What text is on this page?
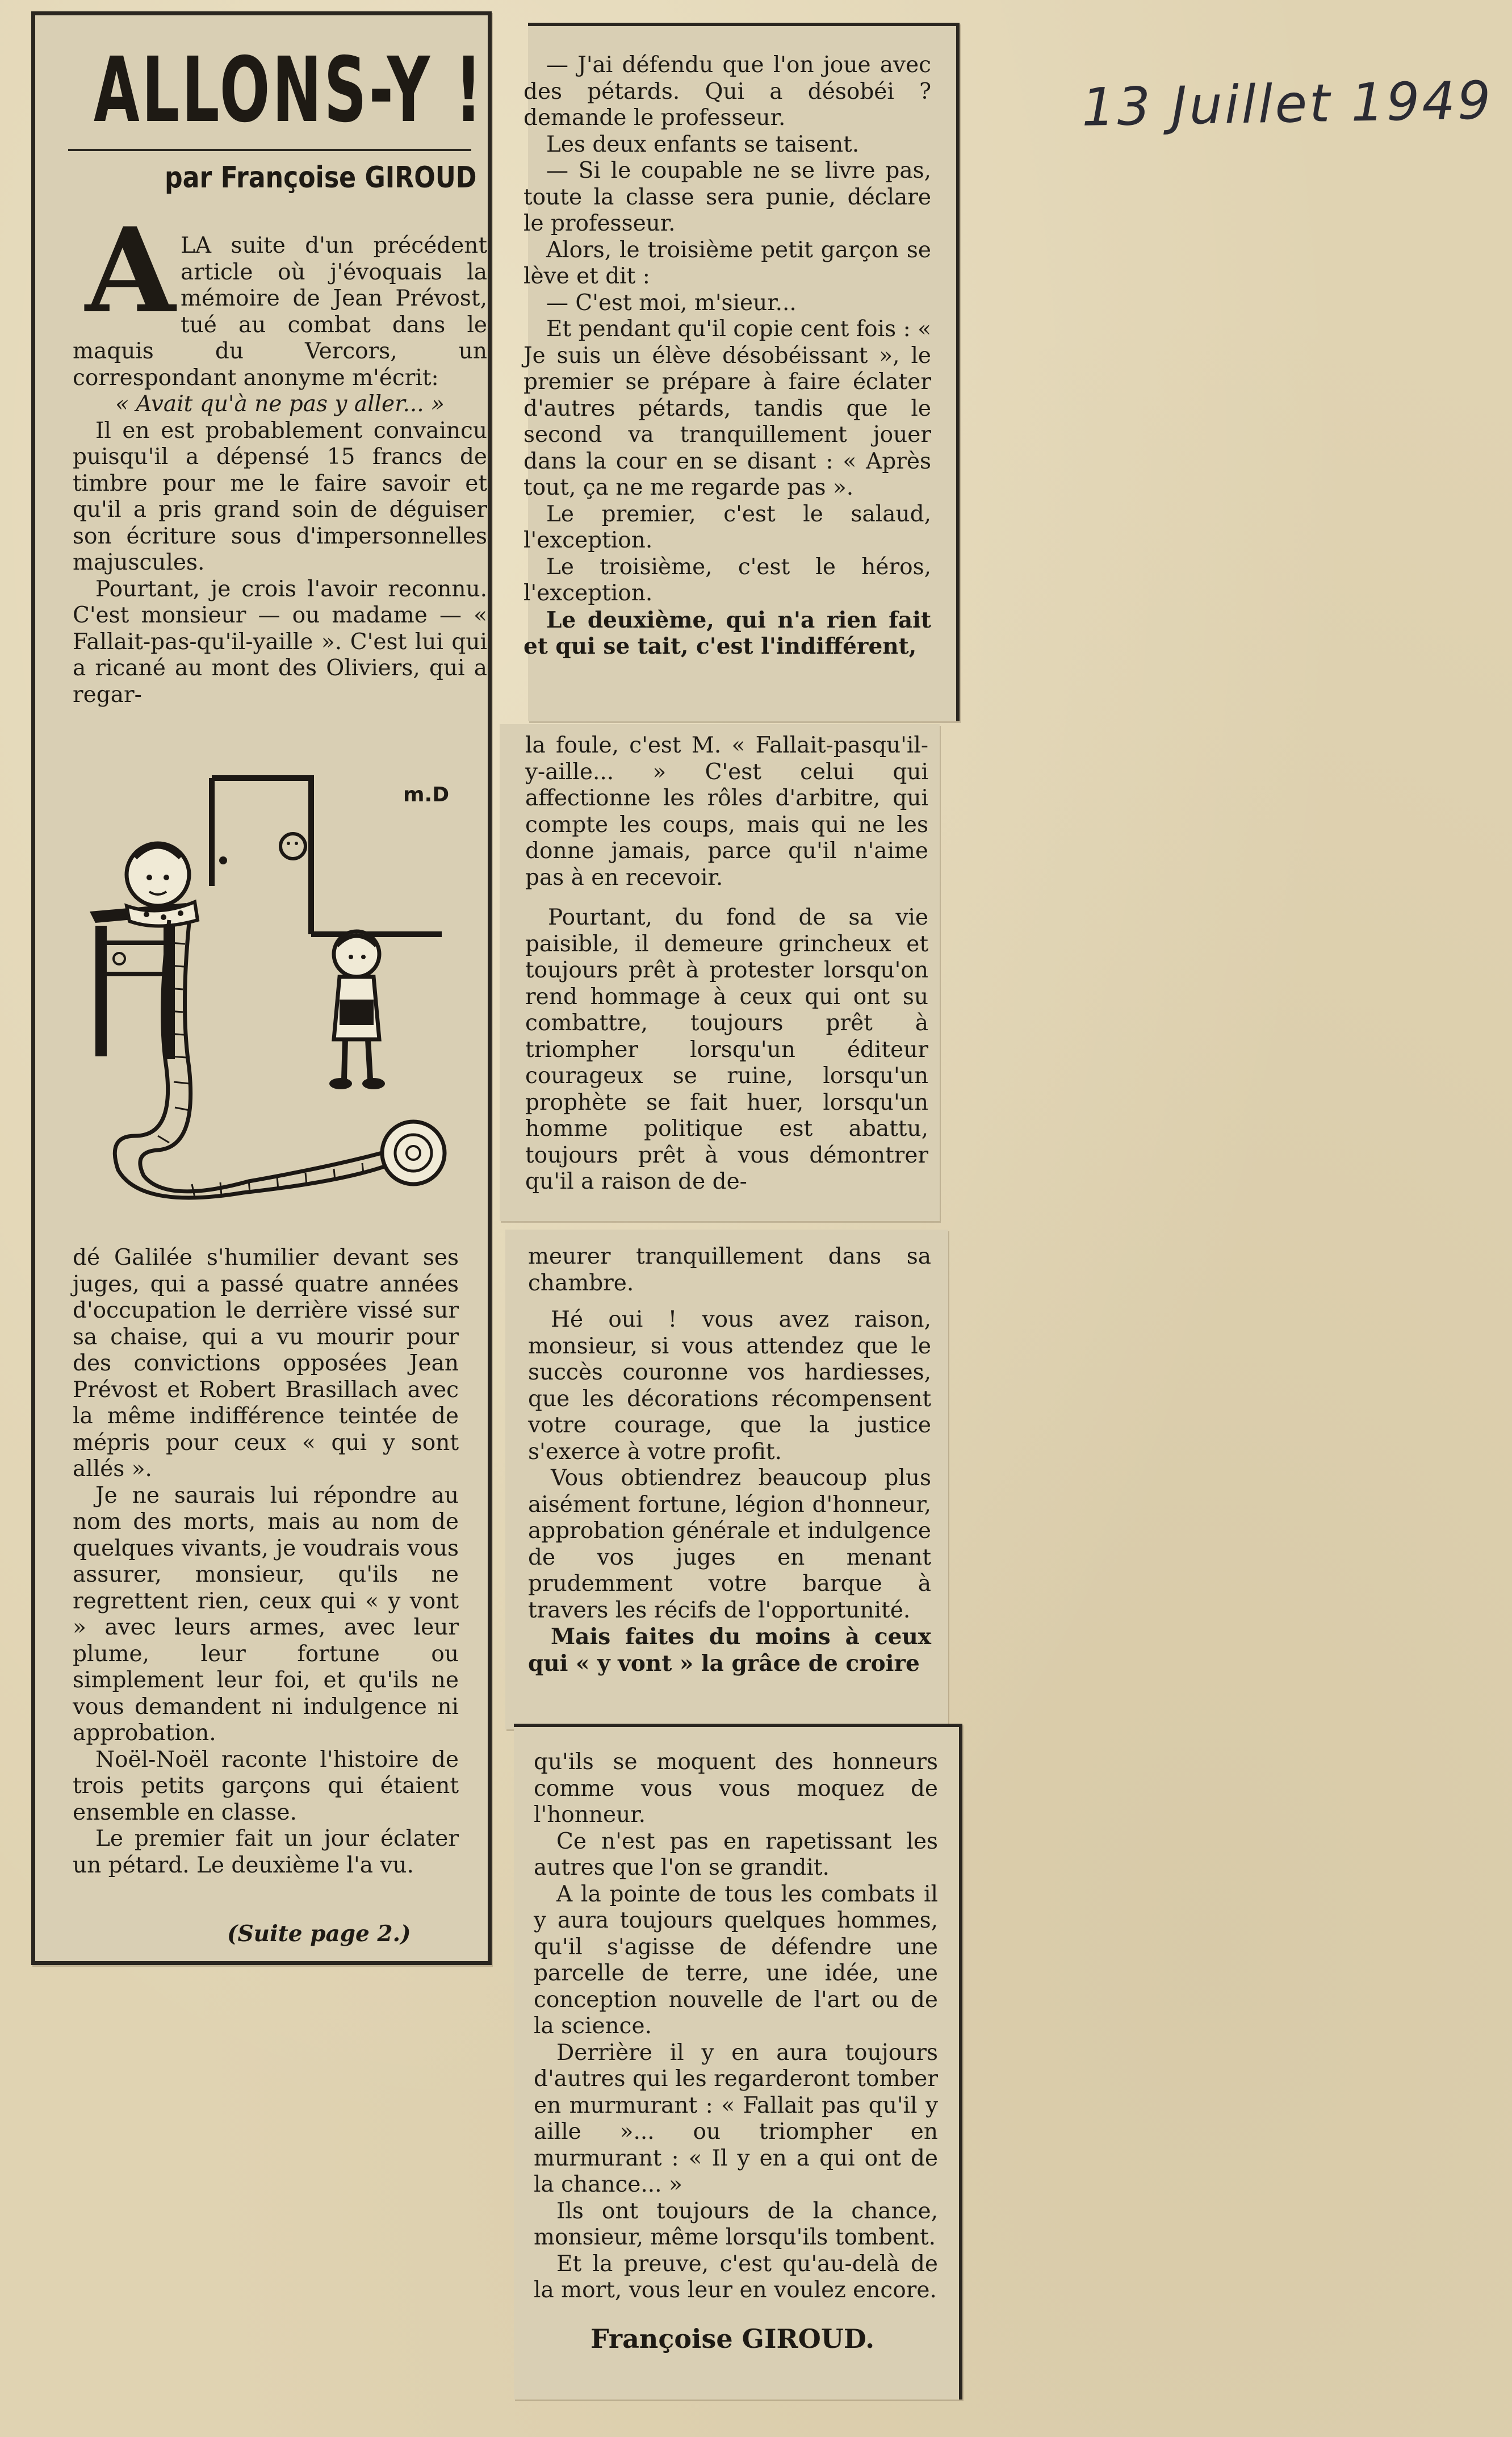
13 Juillet 1949
ALLONS-Y !
par Françoise GIROUD
A LA suite d'un précédent article où j'évoquais la mémoire de Jean Prévost, tué au combat dans le maquis du Vercors, un correspondant anonyme m'écrit:

« Avait qu'à ne pas y aller... »

Il en est probablement convaincu puisqu'il a dépensé 15 francs de timbre pour me le faire savoir et qu'il a pris grand soin de déguiser son écriture sous d'impersonnelles majuscules.

Pourtant, je crois l'avoir reconnu. C'est monsieur — ou madame — « Fallait-pas-qu'il-yaille ». C'est lui qui a ricané au mont des Oliviers, qui a regar-

m.D

dé Galilée s'humilier devant ses juges, qui a passé quatre années d'occupation le derrière vissé sur sa chaise, qui a vu mourir pour des convictions opposées Jean Prévost et Robert Brasillach avec la même indifférence teintée de mépris pour ceux « qui y sont allés ».

Je ne saurais lui répondre au nom des morts, mais au nom de quelques vivants, je voudrais vous assurer, monsieur, qu'ils ne regrettent rien, ceux qui « y vont » avec leurs armes, avec leur plume, leur fortune ou simplement leur foi, et qu'ils ne vous demandent ni indulgence ni approbation.

Noël-Noël raconte l'histoire de trois petits garçons qui étaient ensemble en classe.

Le premier fait un jour éclater un pétard. Le deuxième l'a vu.

(Suite page 2.)

— J'ai défendu que l'on joue avec des pétards. Qui a désobéi ? demande le professeur.

Les deux enfants se taisent.

— Si le coupable ne se livre pas, toute la classe sera punie, déclare le professeur.

Alors, le troisième petit garçon se lève et dit :

— C'est moi, m'sieur...

Et pendant qu'il copie cent fois : « Je suis un élève désobéissant », le premier se prépare à faire éclater d'autres pétards, tandis que le second va tranquillement jouer dans la cour en se disant : « Après tout, ça ne me regarde pas ».

Le premier, c'est le salaud, l'exception.

Le troisième, c'est le héros, l'exception.

Le deuxième, qui n'a rien fait et qui se tait, c'est l'indifférent,

la foule, c'est M. « Fallait-pasqu'il-y-aille... » C'est celui qui affectionne les rôles d'arbitre, qui compte les coups, mais qui ne les donne jamais, parce qu'il n'aime pas à en recevoir.

Pourtant, du fond de sa vie paisible, il demeure grincheux et toujours prêt à protester lorsqu'on rend hommage à ceux qui ont su combattre, toujours prêt à triompher lorsqu'un éditeur courageux se ruine, lorsqu'un prophète se fait huer, lorsqu'un homme politique est abattu, toujours prêt à vous démontrer qu'il a raison de de-

meurer tranquillement dans sa chambre.

Hé oui ! vous avez raison, monsieur, si vous attendez que le succès couronne vos hardiesses, que les décorations récompensent votre courage, que la justice s'exerce à votre profit.

Vous obtiendrez beaucoup plus aisément fortune, légion d'honneur, approbation générale et indulgence de vos juges en menant prudemment votre barque à travers les récifs de l'opportunité.

Mais faites du moins à ceux qui « y vont » la grâce de croire

qu'ils se moquent des honneurs comme vous vous moquez de l'honneur.

Ce n'est pas en rapetissant les autres que l'on se grandit.

A la pointe de tous les combats il y aura toujours quelques hommes, qu'il s'agisse de défendre une parcelle de terre, une idée, une conception nouvelle de l'art ou de la science.

Derrière il y en aura toujours d'autres qui les regarderont tomber en murmurant : « Fallait pas qu'il y aille »... ou triompher en murmurant : « Il y en a qui ont de la chance... »

Ils ont toujours de la chance, monsieur, même lorsqu'ils tombent.

Et la preuve, c'est qu'au-delà de la mort, vous leur en voulez encore.

Françoise GIROUD.
